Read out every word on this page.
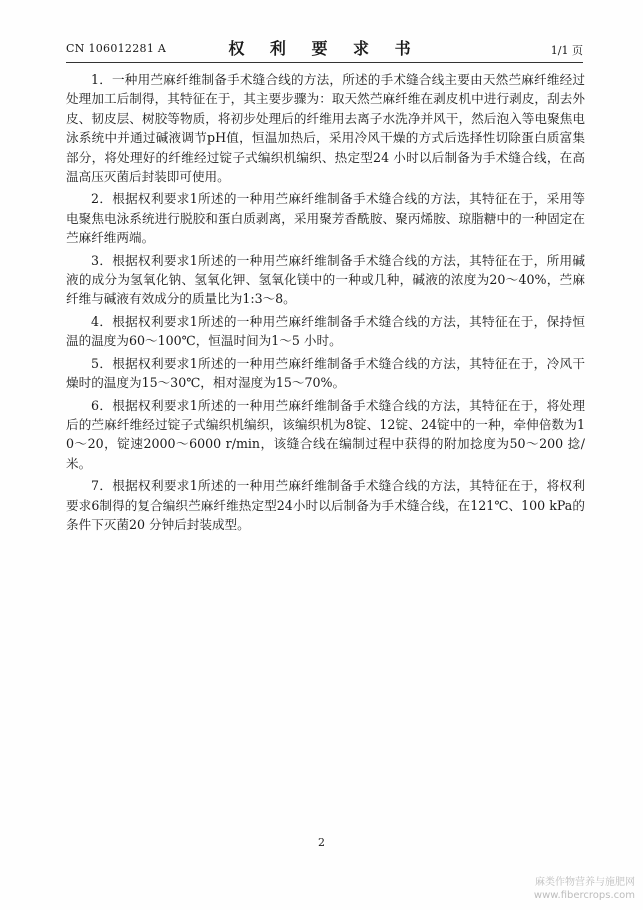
CN 106012281 A	权 利 要 求 书	1/1 页

1．一种用苎麻纤维制备手术缝合线的方法，所述的手术缝合线主要由天然苎麻纤维经过处理加工后制得，其特征在于，其主要步骤为：取天然苎麻纤维在剥皮机中进行剥皮，刮去外皮、韧皮层、树胶等物质，将初步处理后的纤维用去离子水洗净并风干，然后泡入等电聚焦电泳系统中并通过碱液调节pH值，恒温加热后，采用冷风干燥的方式后选择性切除蛋白质富集部分，将处理好的纤维经过锭子式编织机编织、热定型24 小时以后制备为手术缝合线，在高温高压灭菌后封装即可使用。

2．根据权利要求1所述的一种用苎麻纤维制备手术缝合线的方法，其特征在于，采用等电聚焦电泳系统进行脱胶和蛋白质剥离，采用聚芳香酰胺、聚丙烯胺、琼脂糖中的一种固定在苎麻纤维两端。

3．根据权利要求1所述的一种用苎麻纤维制备手术缝合线的方法，其特征在于，所用碱液的成分为氢氧化钠、氢氧化钾、氢氧化镁中的一种或几种，碱液的浓度为20～40%，苎麻纤维与碱液有效成分的质量比为1:3～8。

4．根据权利要求1所述的一种用苎麻纤维制备手术缝合线的方法，其特征在于，保持恒温的温度为60～100℃，恒温时间为1～5 小时。

5．根据权利要求1所述的一种用苎麻纤维制备手术缝合线的方法，其特征在于，冷风干燥时的温度为15～30℃，相对湿度为15～70%。

6．根据权利要求1所述的一种用苎麻纤维制备手术缝合线的方法，其特征在于，将处理后的苎麻纤维经过锭子式编织机编织，该编织机为8锭、12锭、24锭中的一种，牵伸倍数为10～20，锭速2000～6000 r/min，该缝合线在编制过程中获得的附加捻度为50～200 捻/米。

7．根据权利要求1所述的一种用苎麻纤维制备手术缝合线的方法，其特征在于，将权利要求6制得的复合编织苎麻纤维热定型24小时以后制备为手术缝合线，在121℃、100 kPa的条件下灭菌20 分钟后封装成型。

2
麻类作物营养与施肥网
www.fibercrops.com
